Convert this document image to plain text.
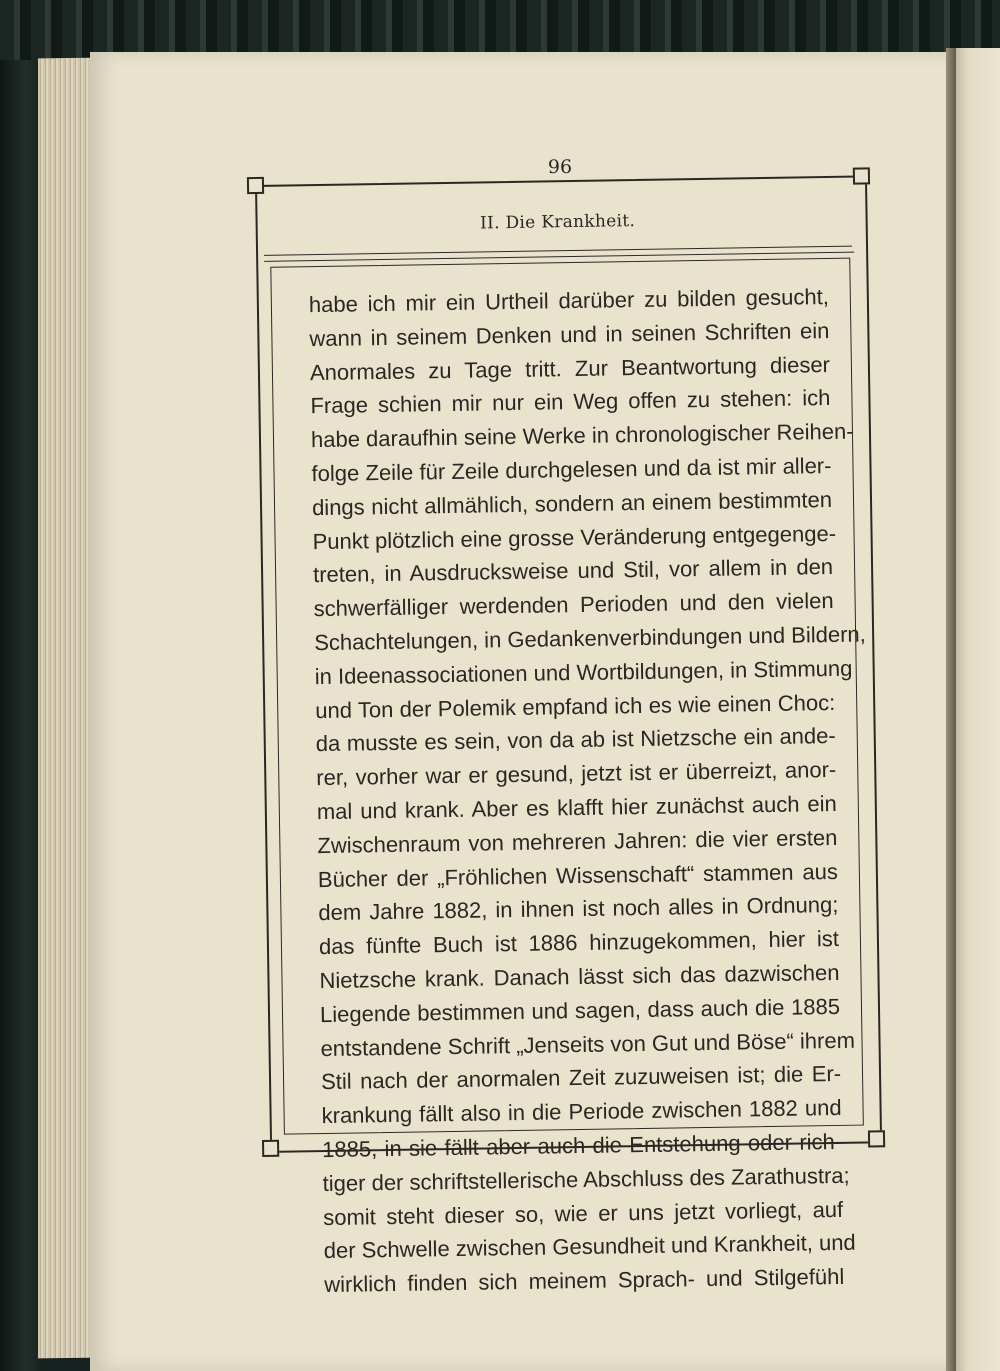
96
II. Die Krankheit.
habe ich mir ein Urtheil darüber zu bilden gesucht,
wann in seinem Denken und in seinen Schriften ein
Anormales zu Tage tritt. Zur Beantwortung dieser
Frage schien mir nur ein Weg offen zu stehen: ich
habe daraufhin seine Werke in chronologischer Reihen-
folge Zeile für Zeile durchgelesen und da ist mir aller-
dings nicht allmählich, sondern an einem bestimmten
Punkt plötzlich eine grosse Veränderung entgegenge-
treten, in Ausdrucksweise und Stil, vor allem in den
schwerfälliger werdenden Perioden und den vielen
Schachtelungen, in Gedankenverbindungen und Bildern,
in Ideenassociationen und Wortbildungen, in Stimmung
und Ton der Polemik empfand ich es wie einen Choc:
da musste es sein, von da ab ist Nietzsche ein ande-
rer, vorher war er gesund, jetzt ist er überreizt, anor-
mal und krank. Aber es klafft hier zunächst auch ein
Zwischenraum von mehreren Jahren: die vier ersten
Bücher der „Fröhlichen Wissenschaft“ stammen aus
dem Jahre 1882, in ihnen ist noch alles in Ordnung;
das fünfte Buch ist 1886 hinzugekommen, hier ist
Nietzsche krank. Danach lässt sich das dazwischen
Liegende bestimmen und sagen, dass auch die 1885
entstandene Schrift „Jenseits von Gut und Böse“ ihrem
Stil nach der anormalen Zeit zuzuweisen ist; die Er-
krankung fällt also in die Periode zwischen 1882 und
1885, in sie fällt aber auch die Entstehung oder rich-
tiger der schriftstellerische Abschluss des Zarathustra;
somit steht dieser so, wie er uns jetzt vorliegt, auf
der Schwelle zwischen Gesundheit und Krankheit, und
wirklich finden sich meinem Sprach- und Stilgefühl
